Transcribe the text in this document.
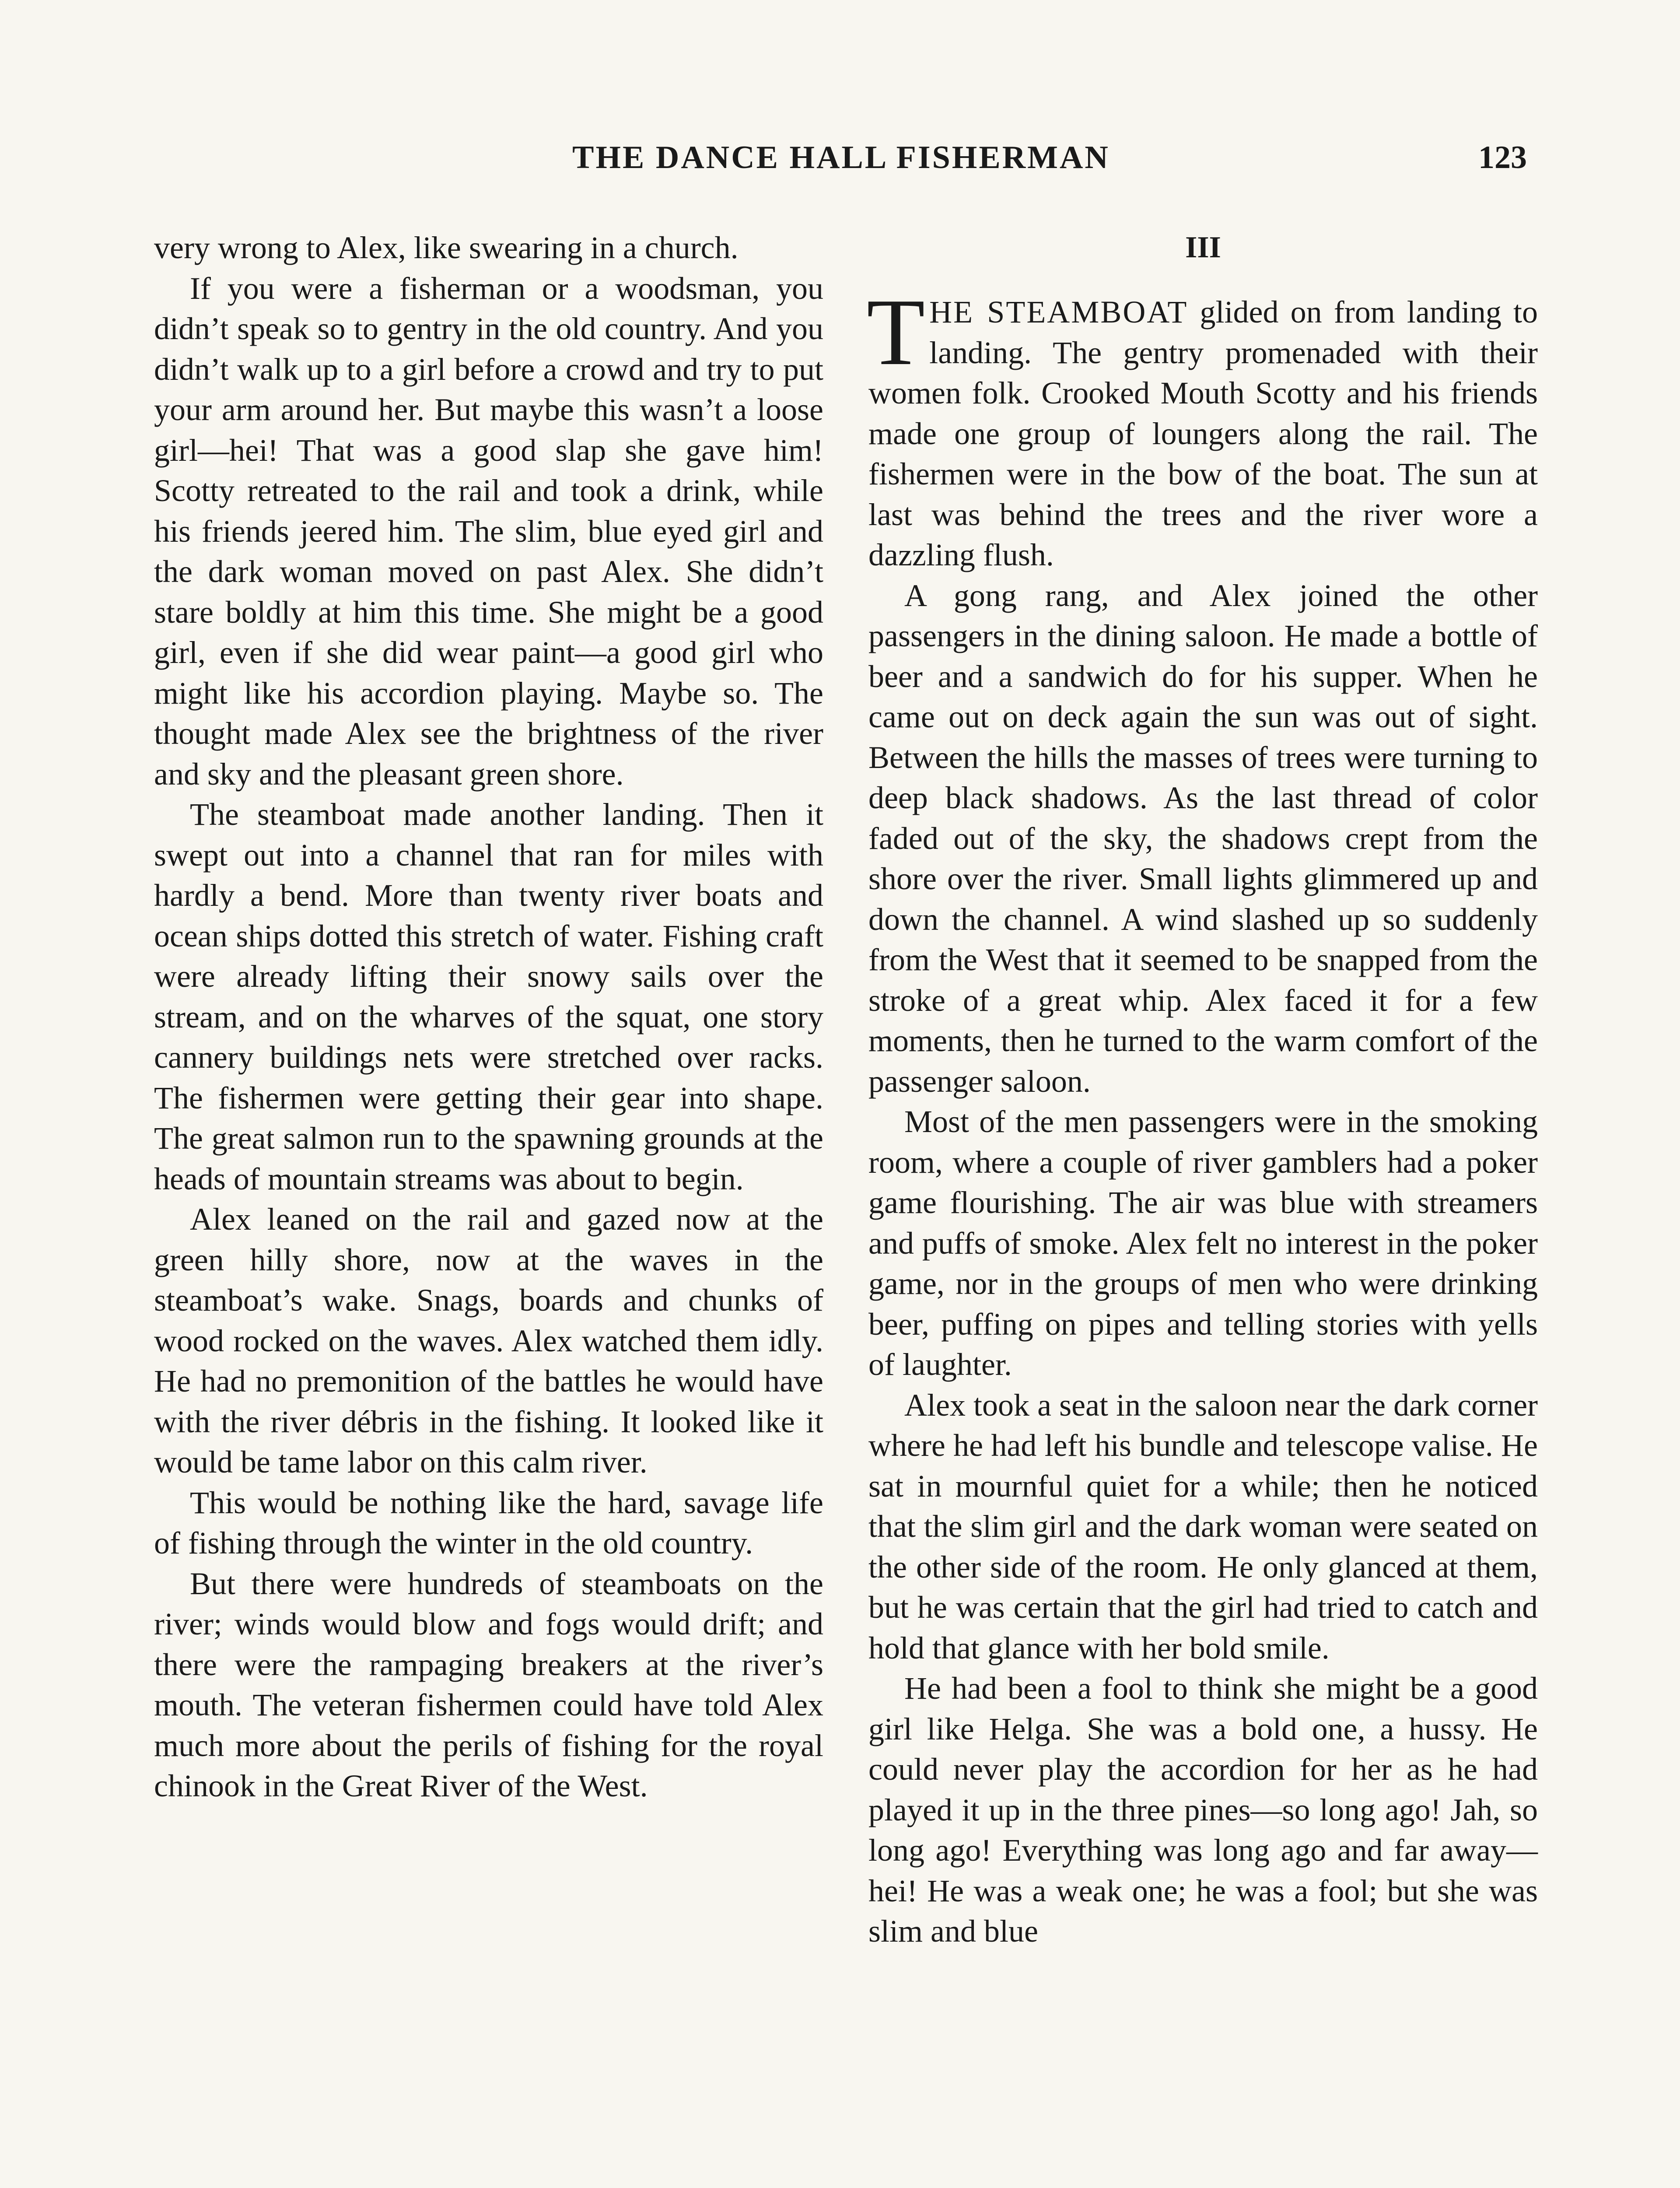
THE DANCE HALL FISHERMAN	123

very wrong to Alex, like swearing in a church.

If you were a fisherman or a woodsman, you didn’t speak so to gentry in the old country. And you didn’t walk up to a girl before a crowd and try to put your arm around her. But maybe this wasn’t a loose girl—hei! That was a good slap she gave him! Scotty retreated to the rail and took a drink, while his friends jeered him. The slim, blue eyed girl and the dark woman moved on past Alex. She didn’t stare boldly at him this time. She might be a good girl, even if she did wear paint—a good girl who might like his accordion playing. Maybe so. The thought made Alex see the brightness of the river and sky and the pleasant green shore.

The steamboat made another landing. Then it swept out into a channel that ran for miles with hardly a bend. More than twenty river boats and ocean ships dotted this stretch of water. Fishing craft were already lifting their snowy sails over the stream, and on the wharves of the squat, one story cannery buildings nets were stretched over racks. The fishermen were getting their gear into shape. The great salmon run to the spawning grounds at the heads of mountain streams was about to begin.

Alex leaned on the rail and gazed now at the green hilly shore, now at the waves in the steamboat’s wake. Snags, boards and chunks of wood rocked on the waves. Alex watched them idly. He had no premonition of the battles he would have with the river débris in the fishing. It looked like it would be tame labor on this calm river.

This would be nothing like the hard, savage life of fishing through the winter in the old country.

But there were hundreds of steamboats on the river; winds would blow and fogs would drift; and there were the rampaging breakers at the river’s mouth. The veteran fishermen could have told Alex much more about the perils of fishing for the royal chinook in the Great River of the West.

III

THE STEAMBOAT glided on from landing to landing. The gentry promenaded with their women folk. Crooked Mouth Scotty and his friends made one group of loungers along the rail. The fishermen were in the bow of the boat. The sun at last was behind the trees and the river wore a dazzling flush.

A gong rang, and Alex joined the other passengers in the dining saloon. He made a bottle of beer and a sandwich do for his supper. When he came out on deck again the sun was out of sight. Between the hills the masses of trees were turning to deep black shadows. As the last thread of color faded out of the sky, the shadows crept from the shore over the river. Small lights glimmered up and down the channel. A wind slashed up so suddenly from the West that it seemed to be snapped from the stroke of a great whip. Alex faced it for a few moments, then he turned to the warm comfort of the passenger saloon.

Most of the men passengers were in the smoking room, where a couple of river gamblers had a poker game flourishing. The air was blue with streamers and puffs of smoke. Alex felt no interest in the poker game, nor in the groups of men who were drinking beer, puffing on pipes and telling stories with yells of laughter.

Alex took a seat in the saloon near the dark corner where he had left his bundle and telescope valise. He sat in mournful quiet for a while; then he noticed that the slim girl and the dark woman were seated on the other side of the room. He only glanced at them, but he was certain that the girl had tried to catch and hold that glance with her bold smile.

He had been a fool to think she might be a good girl like Helga. She was a bold one, a hussy. He could never play the accordion for her as he had played it up in the three pines—so long ago! Jah, so long ago! Everything was long ago and far away—hei! He was a weak one; he was a fool; but she was slim and blue
